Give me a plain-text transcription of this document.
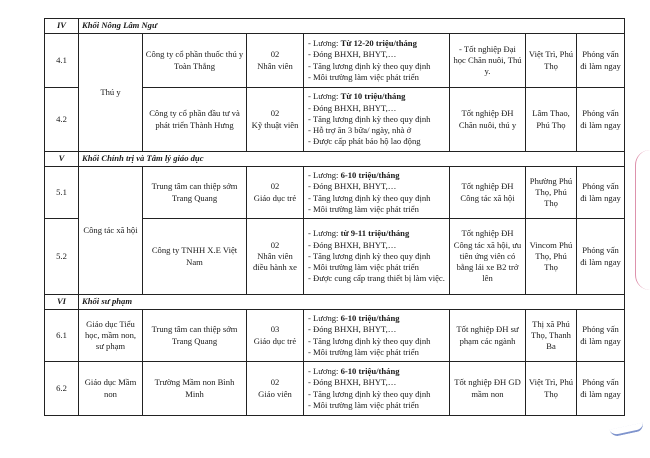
IV	Khối Nông Lâm Ngư						
4.1	Thú y	Công ty cổ phần thuốc thú y Toàn Thắng	02
Nhân viên	- Lương: Từ 12-20 triệu/tháng
- Đóng BHXH, BHYT,…
- Tăng lương định kỳ theo quy định
- Môi trường làm việc phát triển	- Tốt nghiệp Đại học Chăn nuôi, Thú y.	Việt Trì, Phú Thọ	Phỏng vấn đi làm ngay
4.2		Công ty cổ phần đầu tư và phát triển Thành Hưng	02
Kỹ thuật viên	- Lương: Từ 10 triệu/tháng
- Đóng BHXH, BHYT,…
- Tăng lương định kỳ theo quy định
- Hỗ trợ ăn 3 bữa/ ngày, nhà ở
- Được cấp phát bảo hộ lao động	Tốt nghiệp ĐH Chăn nuôi, thú y	Lâm Thao, Phú Thọ	Phỏng vấn đi làm ngay
V	Khối Chính trị và Tâm lý giáo dục						
5.1	Công tác xã hội	Trung tâm can thiệp sớm Trang Quang	02
Giáo dục trẻ	- Lương: 6-10 triệu/tháng
- Đóng BHXH, BHYT,…
- Tăng lương định kỳ theo quy định
- Môi trường làm việc phát triển	Tốt nghiệp ĐH Công tác xã hội	Phường Phú Thọ, Phú Thọ	Phỏng vấn đi làm ngay
5.2		Công ty TNHH X.E Việt Nam	02
Nhân viên điều hành xe	- Lương: từ 9-11 triệu/tháng
- Đóng BHXH, BHYT,…
- Tăng lương định kỳ theo quy định
- Môi trường làm việc phát triển
- Được cung cấp trang thiết bị làm việc.	Tốt nghiệp ĐH Công tác xã hội, ưu tiên ứng viên có bằng lái xe B2 trở lên	Vincom Phú Thọ, Phú Thọ	Phỏng vấn đi làm ngay
VI	Khối sư phạm						
6.1	Giáo dục Tiểu học, mầm non, sư phạm	Trung tâm can thiệp sớm Trang Quang	03
Giáo dục trẻ	- Lương: 6-10 triệu/tháng
- Đóng BHXH, BHYT,…
- Tăng lương định kỳ theo quy định
- Môi trường làm việc phát triển	Tốt nghiệp ĐH sư phạm các ngành	Thị xã Phú Thọ, Thanh Ba	Phỏng vấn đi làm ngay
6.2	Giáo dục Mầm non	Trường Mầm non Bình Minh	02
Giáo viên	- Lương: 6-10 triệu/tháng
- Đóng BHXH, BHYT,…
- Tăng lương định kỳ theo quy định
- Môi trường làm việc phát triển	Tốt nghiệp ĐH GD mầm non	Việt Trì, Phú Thọ	Phỏng vấn đi làm ngay
